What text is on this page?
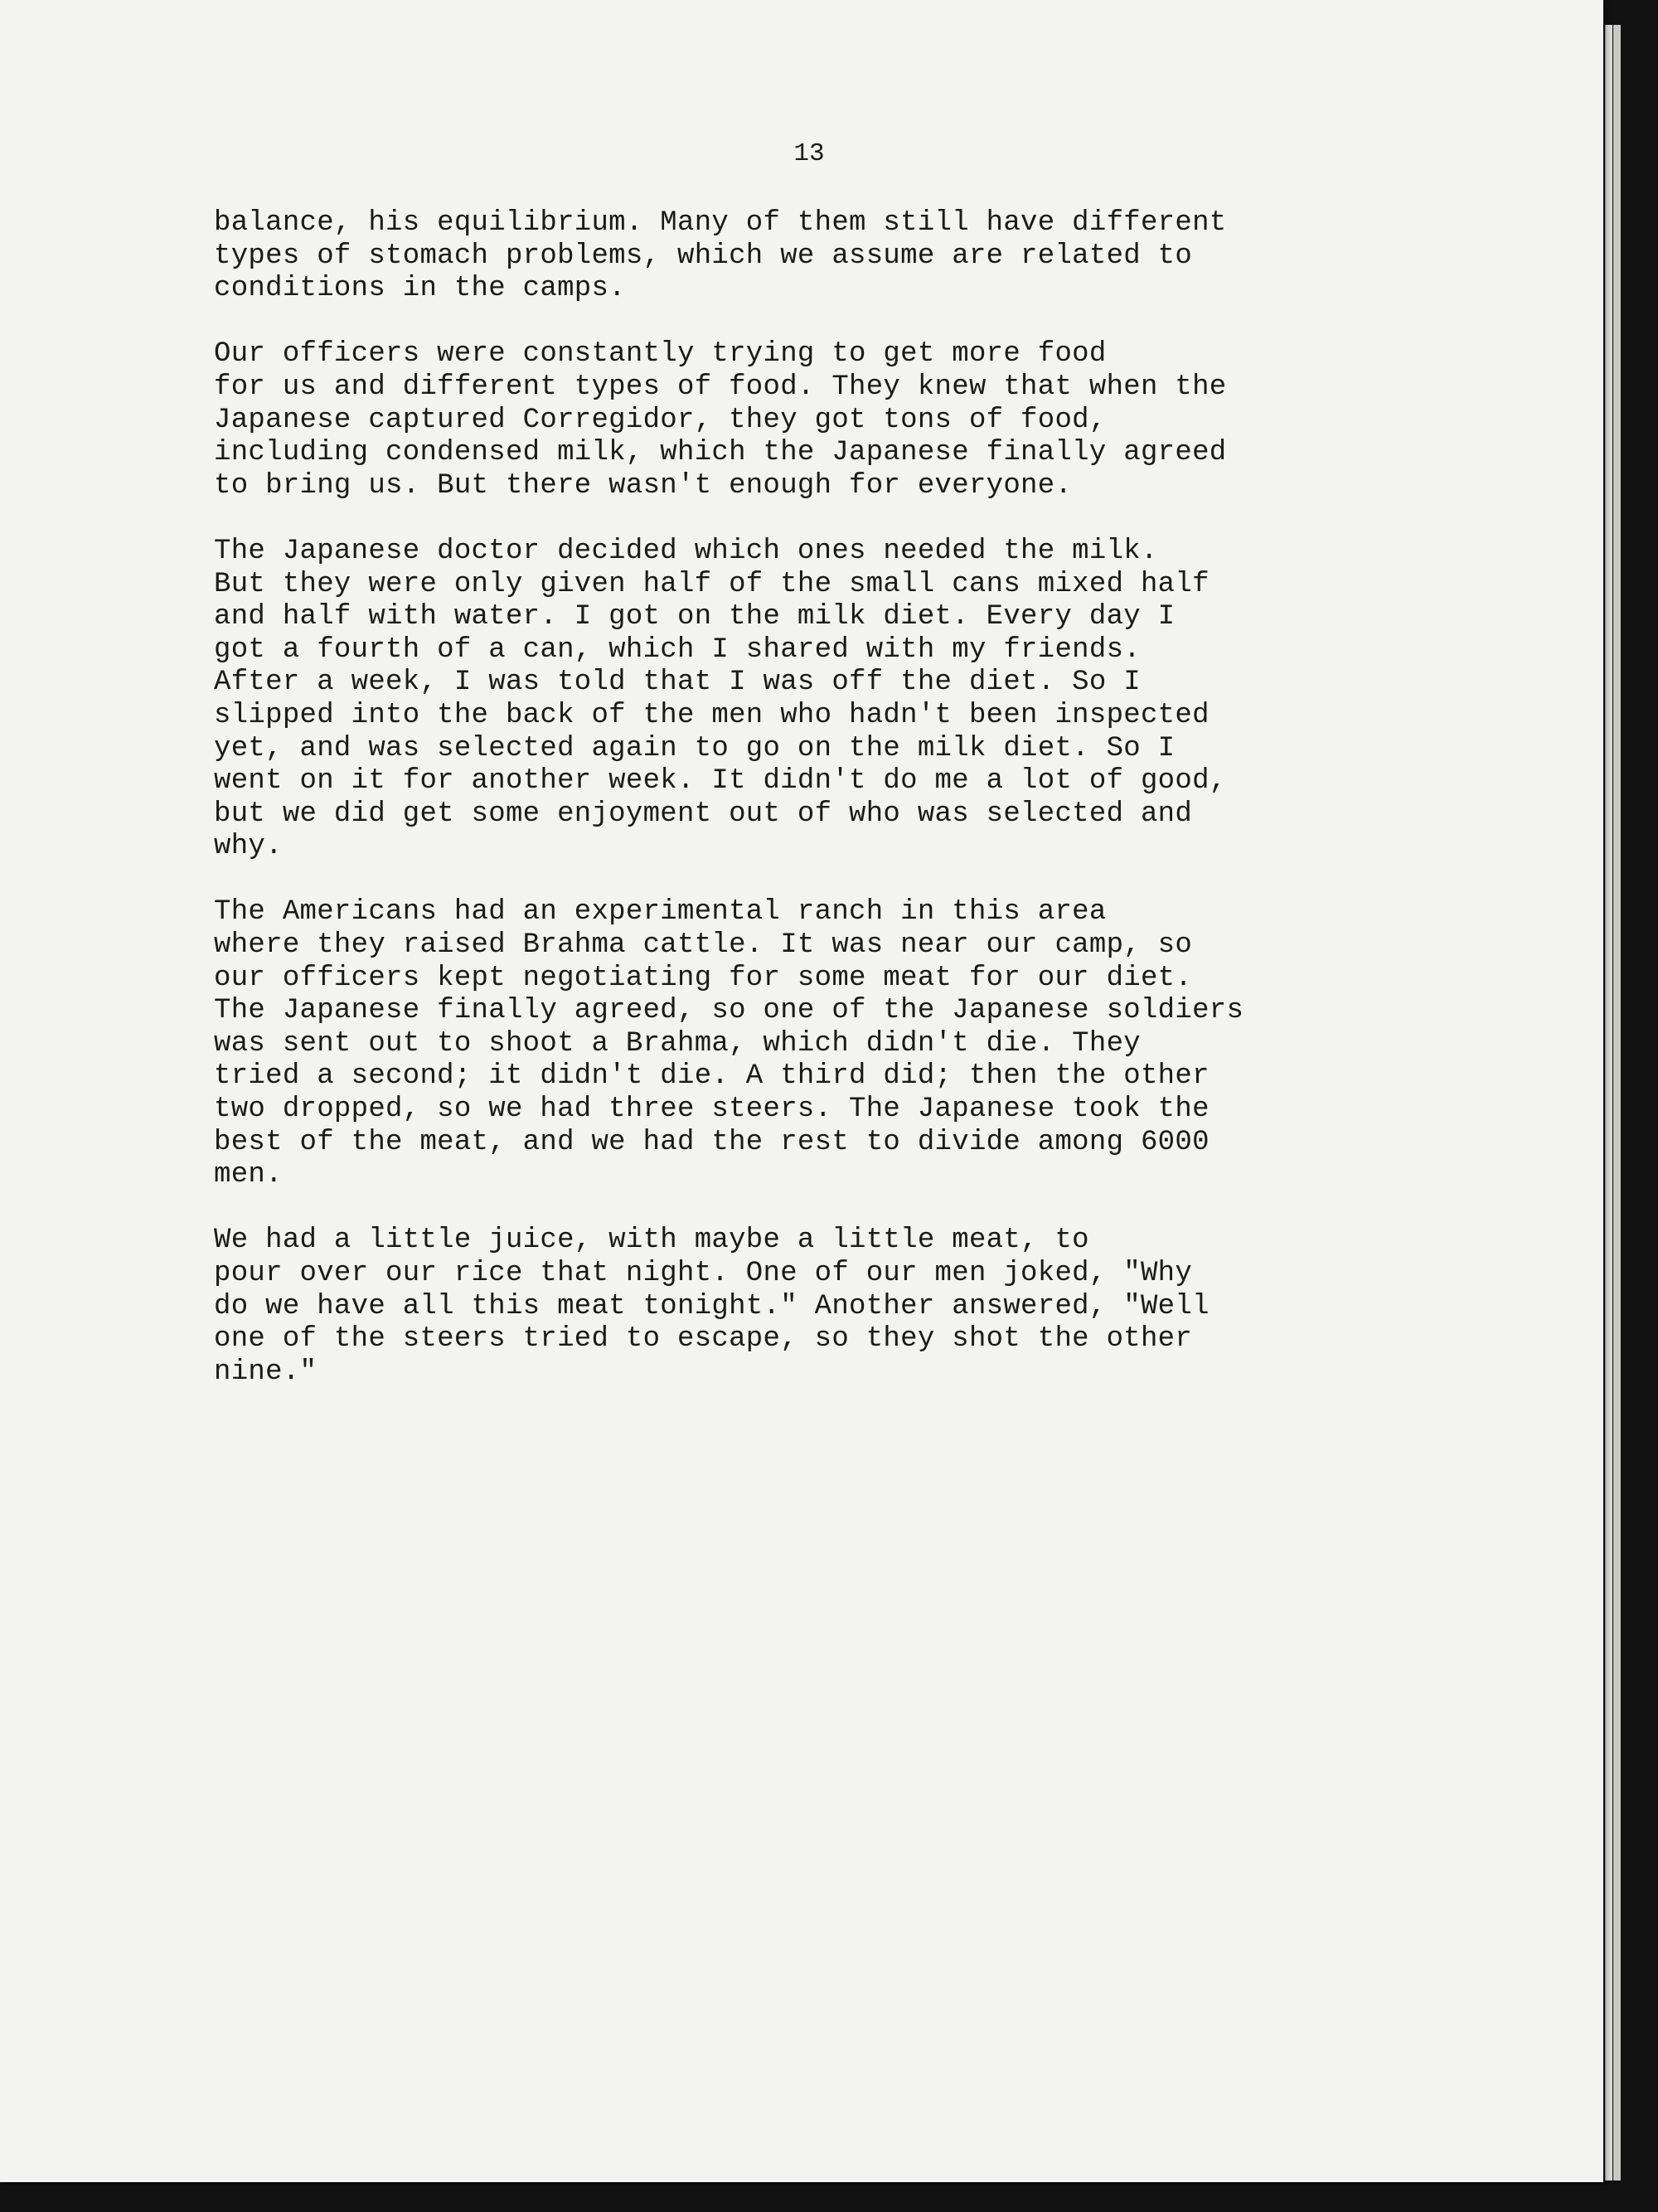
13

balance, his equilibrium. Many of them still have different
types of stomach problems, which we assume are related to
conditions in the camps.

Our officers were constantly trying to get more food
for us and different types of food. They knew that when the
Japanese captured Corregidor, they got tons of food,
including condensed milk, which the Japanese finally agreed
to bring us. But there wasn't enough for everyone.

The Japanese doctor decided which ones needed the milk.
But they were only given half of the small cans mixed half
and half with water. I got on the milk diet. Every day I
got a fourth of a can, which I shared with my friends.
After a week, I was told that I was off the diet. So I
slipped into the back of the men who hadn't been inspected
yet, and was selected again to go on the milk diet. So I
went on it for another week. It didn't do me a lot of good,
but we did get some enjoyment out of who was selected and
why.

The Americans had an experimental ranch in this area
where they raised Brahma cattle. It was near our camp, so
our officers kept negotiating for some meat for our diet.
The Japanese finally agreed, so one of the Japanese soldiers
was sent out to shoot a Brahma, which didn't die. They
tried a second; it didn't die. A third did; then the other
two dropped, so we had three steers. The Japanese took the
best of the meat, and we had the rest to divide among 6000
men.

We had a little juice, with maybe a little meat, to
pour over our rice that night. One of our men joked, "Why
do we have all this meat tonight." Another answered, "Well
one of the steers tried to escape, so they shot the other
nine."
